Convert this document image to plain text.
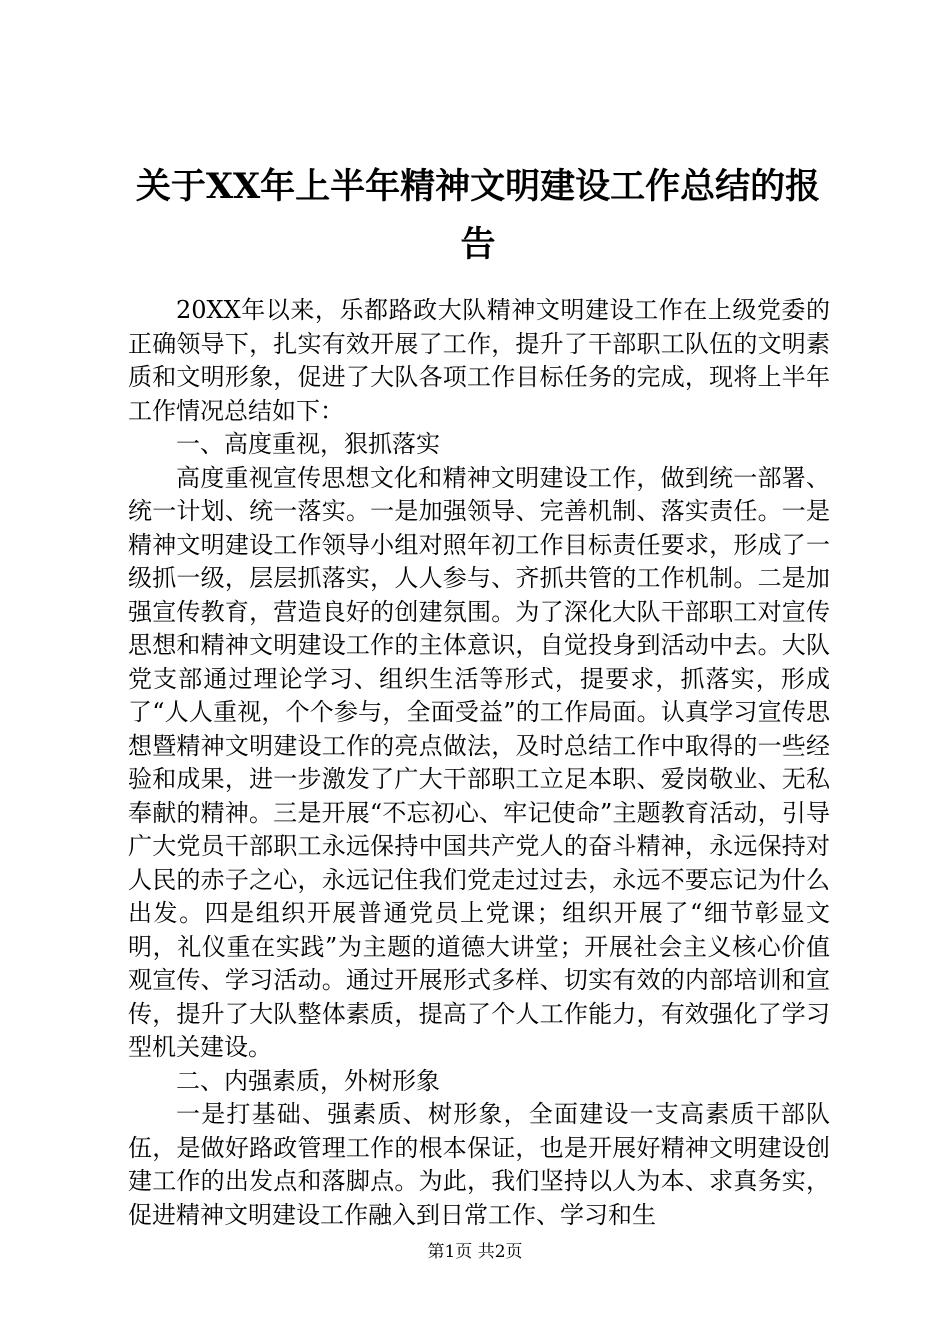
关于XX年上半年精神文明建设工作总结的报告

20XX年以来，乐都路政大队精神文明建设工作在上级党委的正确领导下，扎实有效开展了工作，提升了干部职工队伍的文明素质和文明形象，促进了大队各项工作目标任务的完成，现将上半年工作情况总结如下：

一、高度重视，狠抓落实

高度重视宣传思想文化和精神文明建设工作，做到统一部署、统一计划、统一落实。一是加强领导、完善机制、落实责任。一是精神文明建设工作领导小组对照年初工作目标责任要求，形成了一级抓一级，层层抓落实，人人参与、齐抓共管的工作机制。二是加强宣传教育，营造良好的创建氛围。为了深化大队干部职工对宣传思想和精神文明建设工作的主体意识，自觉投身到活动中去。大队党支部通过理论学习、组织生活等形式，提要求，抓落实，形成了“人人重视，个个参与，全面受益”的工作局面。认真学习宣传思想暨精神文明建设工作的亮点做法，及时总结工作中取得的一些经验和成果，进一步激发了广大干部职工立足本职、爱岗敬业、无私奉献的精神。三是开展“不忘初心、牢记使命”主题教育活动，引导广大党员干部职工永远保持中国共产党人的奋斗精神，永远保持对人民的赤子之心，永远记住我们党走过过去，永远不要忘记为什么出发。四是组织开展普通党员上党课；组织开展了“细节彰显文明，礼仪重在实践”为主题的道德大讲堂；开展社会主义核心价值观宣传、学习活动。通过开展形式多样、切实有效的内部培训和宣传，提升了大队整体素质，提高了个人工作能力，有效强化了学习型机关建设。

二、内强素质，外树形象

一是打基础、强素质、树形象，全面建设一支高素质干部队伍，是做好路政管理工作的根本保证，也是开展好精神文明建设创建工作的出发点和落脚点。为此，我们坚持以人为本、求真务实，促进精神文明建设工作融入到日常工作、学习和生

第1页 共2页
